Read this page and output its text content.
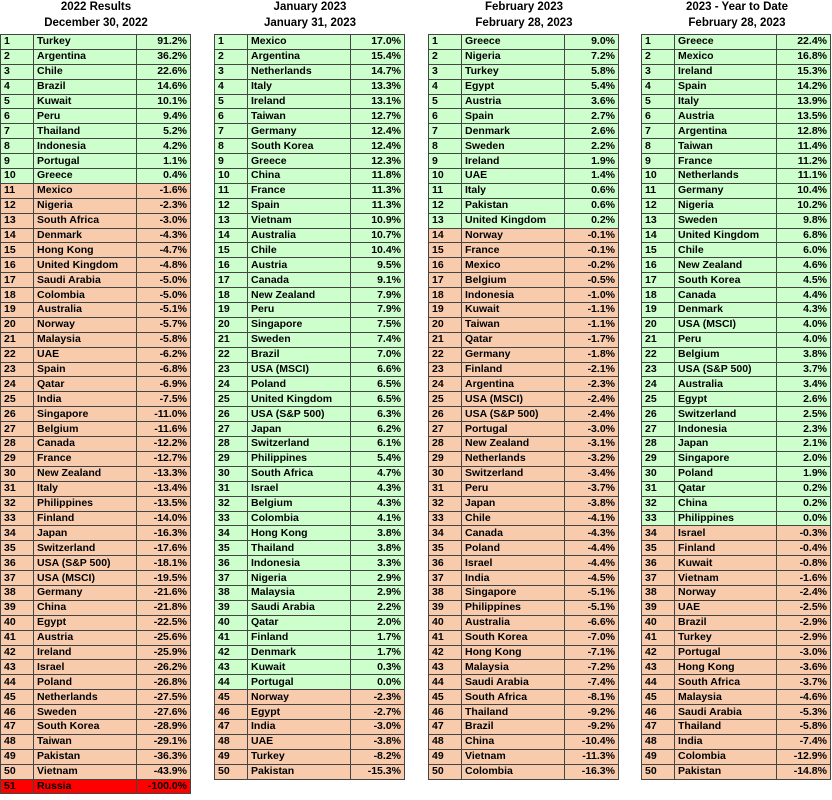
2022 Results
December 30, 2022
1	Turkey	91.2%
2	Argentina	36.2%
3	Chile	22.6%
4	Brazil	14.6%
5	Kuwait	10.1%
6	Peru	9.4%
7	Thailand	5.2%
8	Indonesia	4.2%
9	Portugal	1.1%
10	Greece	0.4%
11	Mexico	-1.6%
12	Nigeria	-2.3%
13	South Africa	-3.0%
14	Denmark	-4.3%
15	Hong Kong	-4.7%
16	United Kingdom	-4.8%
17	Saudi Arabia	-5.0%
18	Colombia	-5.0%
19	Australia	-5.1%
20	Norway	-5.7%
21	Malaysia	-5.8%
22	UAE	-6.2%
23	Spain	-6.8%
24	Qatar	-6.9%
25	India	-7.5%
26	Singapore	-11.0%
27	Belgium	-11.6%
28	Canada	-12.2%
29	France	-12.7%
30	New Zealand	-13.3%
31	Italy	-13.4%
32	Philippines	-13.5%
33	Finland	-14.0%
34	Japan	-16.3%
35	Switzerland	-17.6%
36	USA (S&P 500)	-18.1%
37	USA (MSCI)	-19.5%
38	Germany	-21.6%
39	China	-21.8%
40	Egypt	-22.5%
41	Austria	-25.6%
42	Ireland	-25.9%
43	Israel	-26.2%
44	Poland	-26.8%
45	Netherlands	-27.5%
46	Sweden	-27.6%
47	South Korea	-28.9%
48	Taiwan	-29.1%
49	Pakistan	-36.3%
50	Vietnam	-43.9%
51	Russia	-100.0%
January 2023
January 31, 2023
1	Mexico	17.0%
2	Argentina	15.4%
3	Netherlands	14.7%
4	Italy	13.3%
5	Ireland	13.1%
6	Taiwan	12.7%
7	Germany	12.4%
8	South Korea	12.4%
9	Greece	12.3%
10	China	11.8%
11	France	11.3%
12	Spain	11.3%
13	Vietnam	10.9%
14	Australia	10.7%
15	Chile	10.4%
16	Austria	9.5%
17	Canada	9.1%
18	New Zealand	7.9%
19	Peru	7.9%
20	Singapore	7.5%
21	Sweden	7.4%
22	Brazil	7.0%
23	USA (MSCI)	6.6%
24	Poland	6.5%
25	United Kingdom	6.5%
26	USA (S&P 500)	6.3%
27	Japan	6.2%
28	Switzerland	6.1%
29	Philippines	5.4%
30	South Africa	4.7%
31	Israel	4.3%
32	Belgium	4.3%
33	Colombia	4.1%
34	Hong Kong	3.8%
35	Thailand	3.8%
36	Indonesia	3.3%
37	Nigeria	2.9%
38	Malaysia	2.9%
39	Saudi Arabia	2.2%
40	Qatar	2.0%
41	Finland	1.7%
42	Denmark	1.7%
43	Kuwait	0.3%
44	Portugal	0.0%
45	Norway	-2.3%
46	Egypt	-2.7%
47	India	-3.0%
48	UAE	-3.8%
49	Turkey	-8.2%
50	Pakistan	-15.3%
February 2023
February 28, 2023
1	Greece	9.0%
2	Nigeria	7.2%
3	Turkey	5.8%
4	Egypt	5.4%
5	Austria	3.6%
6	Spain	2.7%
7	Denmark	2.6%
8	Sweden	2.2%
9	Ireland	1.9%
10	UAE	1.4%
11	Italy	0.6%
12	Pakistan	0.6%
13	United Kingdom	0.2%
14	Norway	-0.1%
15	France	-0.1%
16	Mexico	-0.2%
17	Belgium	-0.5%
18	Indonesia	-1.0%
19	Kuwait	-1.1%
20	Taiwan	-1.1%
21	Qatar	-1.7%
22	Germany	-1.8%
23	Finland	-2.1%
24	Argentina	-2.3%
25	USA (MSCI)	-2.4%
26	USA (S&P 500)	-2.4%
27	Portugal	-3.0%
28	New Zealand	-3.1%
29	Netherlands	-3.2%
30	Switzerland	-3.4%
31	Peru	-3.7%
32	Japan	-3.8%
33	Chile	-4.1%
34	Canada	-4.3%
35	Poland	-4.4%
36	Israel	-4.4%
37	India	-4.5%
38	Singapore	-5.1%
39	Philippines	-5.1%
40	Australia	-6.6%
41	South Korea	-7.0%
42	Hong Kong	-7.1%
43	Malaysia	-7.2%
44	Saudi Arabia	-7.4%
45	South Africa	-8.1%
46	Thailand	-9.2%
47	Brazil	-9.2%
48	China	-10.4%
49	Vietnam	-11.3%
50	Colombia	-16.3%
2023 - Year to Date
February 28, 2023
1	Greece	22.4%
2	Mexico	16.8%
3	Ireland	15.3%
4	Spain	14.2%
5	Italy	13.9%
6	Austria	13.5%
7	Argentina	12.8%
8	Taiwan	11.4%
9	France	11.2%
10	Netherlands	11.1%
11	Germany	10.4%
12	Nigeria	10.2%
13	Sweden	9.8%
14	United Kingdom	6.8%
15	Chile	6.0%
16	New Zealand	4.6%
17	South Korea	4.5%
18	Canada	4.4%
19	Denmark	4.3%
20	USA (MSCI)	4.0%
21	Peru	4.0%
22	Belgium	3.8%
23	USA (S&P 500)	3.7%
24	Australia	3.4%
25	Egypt	2.6%
26	Switzerland	2.5%
27	Indonesia	2.3%
28	Japan	2.1%
29	Singapore	2.0%
30	Poland	1.9%
31	Qatar	0.2%
32	China	0.2%
33	Philippines	0.0%
34	Israel	-0.3%
35	Finland	-0.4%
36	Kuwait	-0.8%
37	Vietnam	-1.6%
38	Norway	-2.4%
39	UAE	-2.5%
40	Brazil	-2.9%
41	Turkey	-2.9%
42	Portugal	-3.0%
43	Hong Kong	-3.6%
44	South Africa	-3.7%
45	Malaysia	-4.6%
46	Saudi Arabia	-5.3%
47	Thailand	-5.8%
48	India	-7.4%
49	Colombia	-12.9%
50	Pakistan	-14.8%
